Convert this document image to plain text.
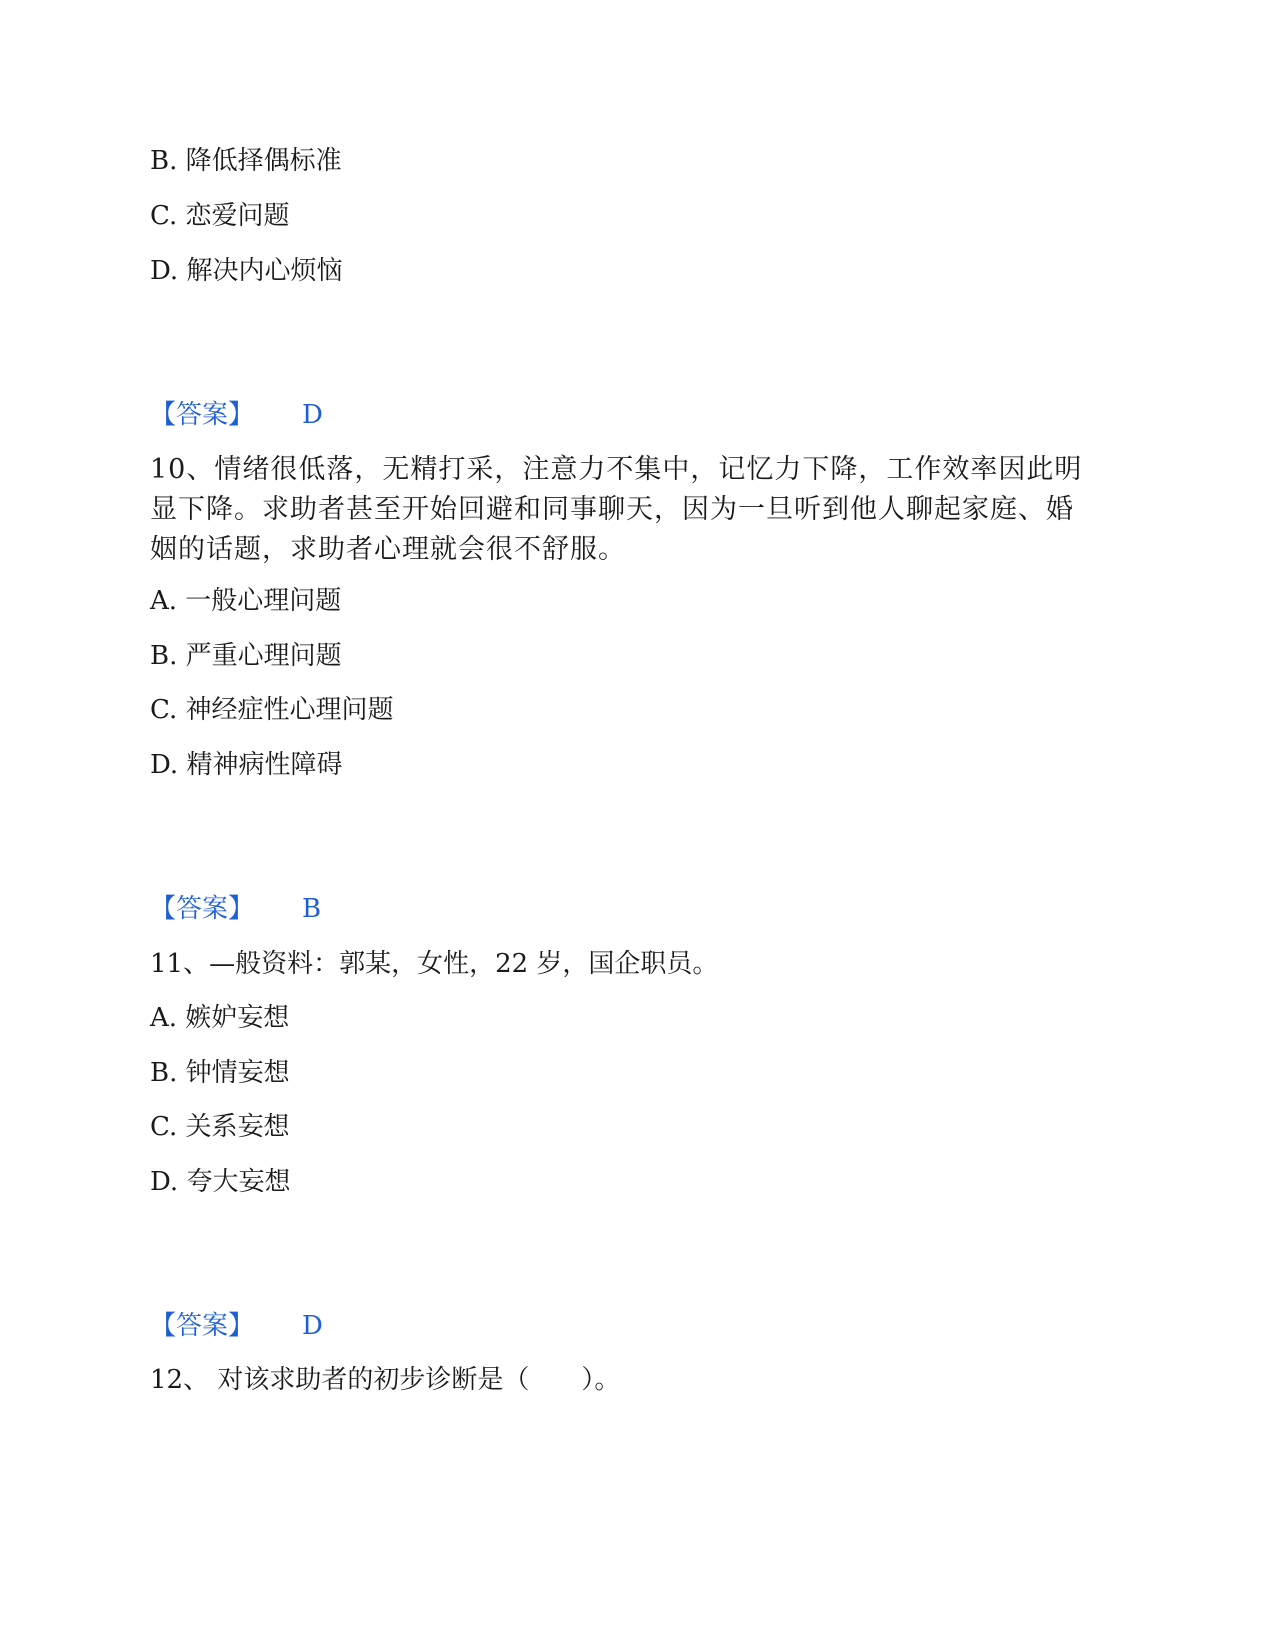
B. 降低择偶标准
C. 恋爱问题
D. 解决内心烦恼
【答案】 D
10、情绪很低落，无精打采，注意力不集中，记忆力下降，工作效率因此明
显下降。求助者甚至开始回避和同事聊天，因为一旦听到他人聊起家庭、婚
姻的话题，求助者心理就会很不舒服。
A. 一般心理问题
B. 严重心理问题
C. 神经症性心理问题
D. 精神病性障碍
【答案】 B
11、—般资料：郭某，女性，22 岁，国企职员。
A. 嫉妒妄想
B. 钟情妄想
C. 关系妄想
D. 夸大妄想
【答案】 D
12、 对该求助者的初步诊断是（　　）。
